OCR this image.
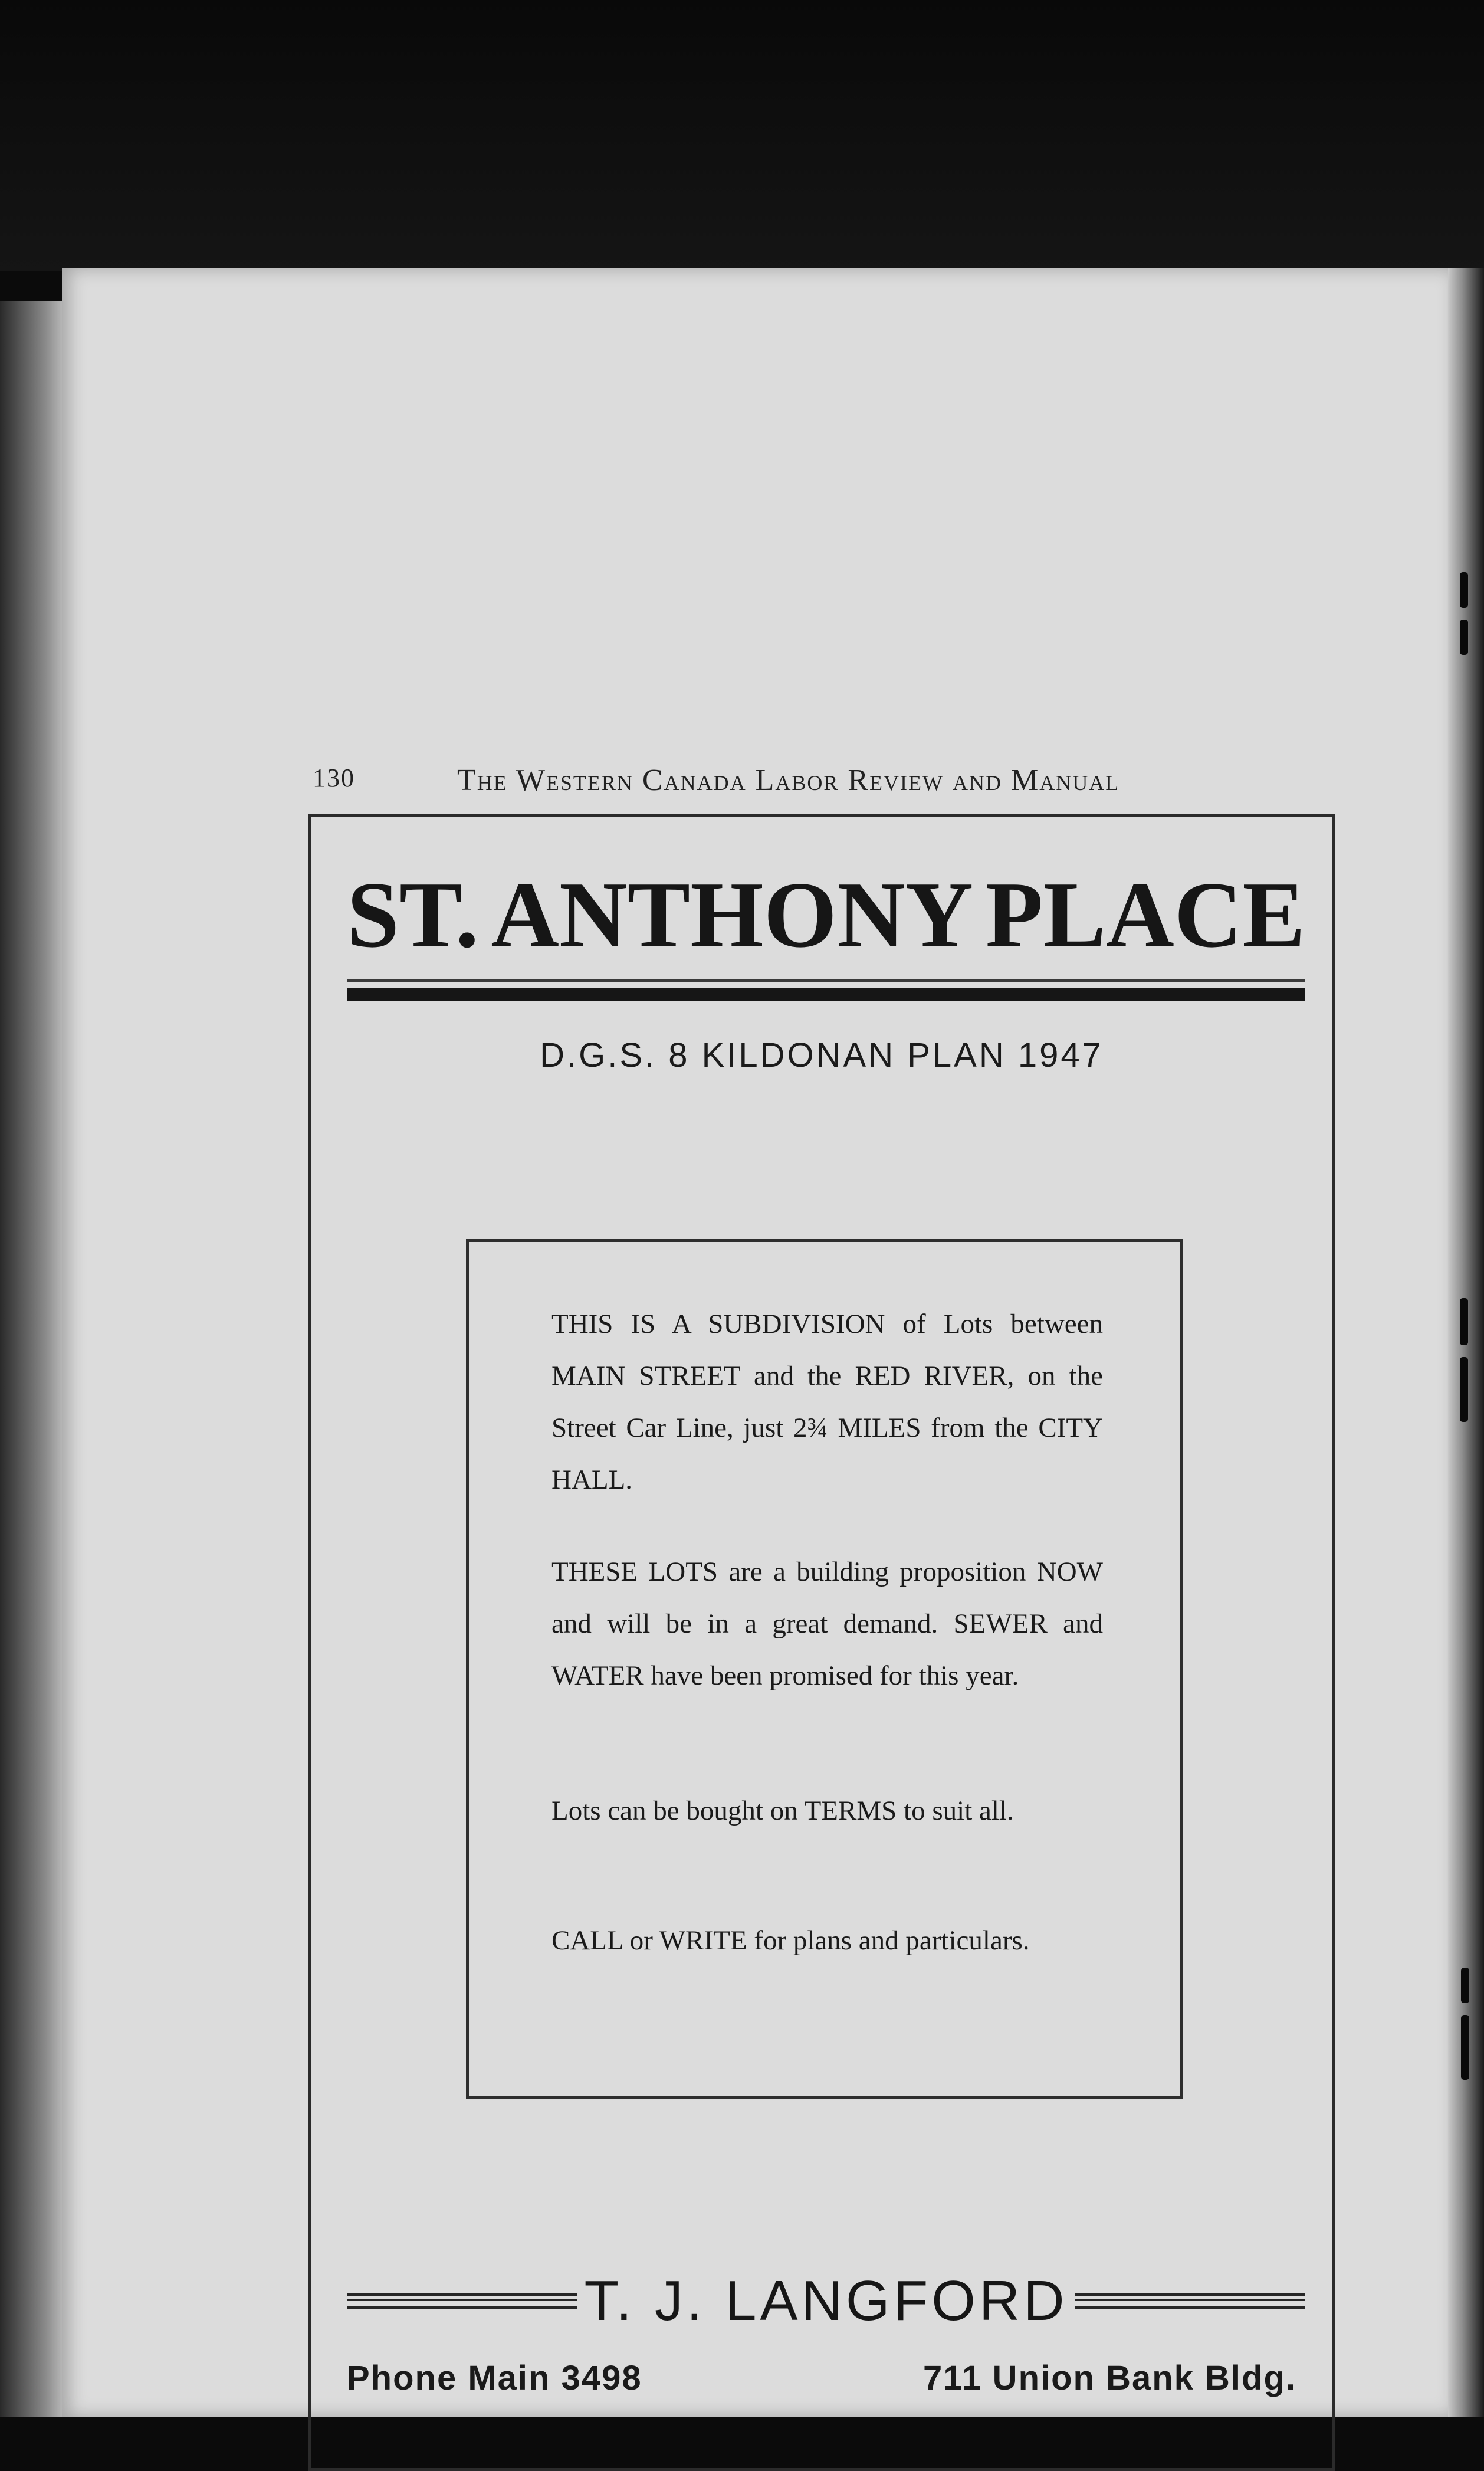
130	The Western Canada Labor Review and Manual
ST. ANTHONY PLACE
D.G.S. 8 KILDONAN PLAN 1947

THIS IS A SUBDIVISION of Lots between MAIN STREET and the RED RIVER, on the Street Car Line, just 2¾ MILES from the CITY HALL.

THESE LOTS are a building proposition NOW and will be in a great demand. SEWER and WATER have been promised for this year.

Lots can be bought on TERMS to suit all.

CALL or WRITE for plans and particulars.

T. J. LANGFORD
Phone Main 3498	711 Union Bank Bldg.
